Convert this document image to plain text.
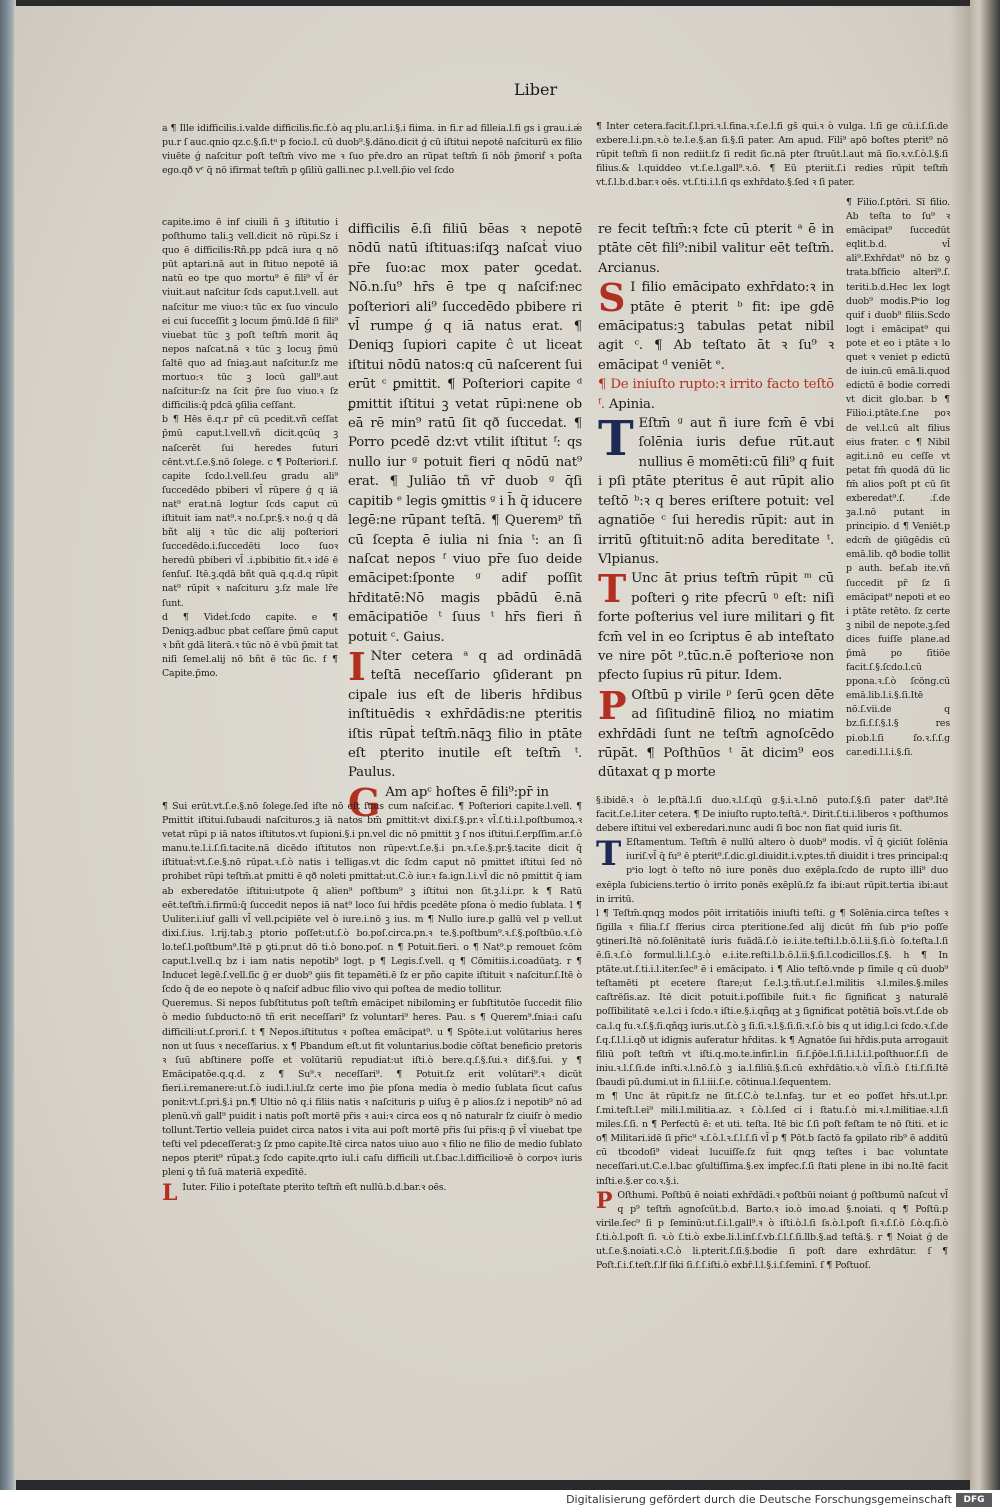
Liber

a ¶ Ille idifficilis.i.valde difficilis.fic.f.ò aq plu.ar.l.i.§.i fiima. in fi.r ad filleia.l.fi gs i grau.i.ǽ pu.r ſ auc.qnio qz.c.§.ſi.tᵘ p focio.l. cū duob⁹.§.dāno.dicit ǵ cū iſtitui nepotē naſciturū ex filio viuēte ǵ naſcitur poſt teſtm̄ vivo me ꝛ ſuo pr̄e.dro an rūpat teſtm̄ ſi nōḃ p̄moriḟ ꝛ poſta ego.qð vʳ q̄ nō ifirmaṫ teſtm̄ p ꝯſiliū galli.nec p.l.vell.p̃io vel ſcdo

capite.imo ē inf ciuili ñ ꝫ iſtitutio i poſthumo tali.ꝫ vell.dicit nō rūpi.Sz i quo ē difficilis:Rñ.pp pdcā iura q nō pūt aptari.nā aut in ſtituo nepotē iā natū eo tpe quo mortu⁹ ē fili⁹ vl̄ ēr viuit.aut naſcitur ſcds caput.l.vell. aut naſcitur me viuo:ꝛ tūc ex ſuo vinculo ei cui ſucceſſit ꝫ locum p̃mū.Idē ſi fili⁹ viuebat tūc ꝫ poſt teſtm̄ morit āq nepos naſcat.nā ꝛ tūc ꝫ locuꝫ p̃mū ſaltē quo ad ſniaꝫ.aut naſcitur.ſz me mortuo:ꝛ tūc ꝫ locū gall⁹.aut naſcitur:ſz na ſcit p̄re ſuo viuo.ꝛ ſz difficilis:q̄ pdcā ꝯſilia ceſſant.

b ¶ Hēs ē.q.r pr̄ cū pcedit.vñ ceſſat p̄mū caput.l.vell.vñ dicit.qcūq ꝫ naſcerēt ſui heredes futuri cēnt.vt.ſ.e.§.nō ſolege. c ¶ Poſteriori.ſ. capite ſcdo.l.vell.ſeu gradu ali⁹ ſuccedēdo pbiberi vl̄ rūpere ǵ q iā nat⁹ erat.nā logtur ſcds caput cū iſtituit iam nat⁹.ꝛ no.ſ.pr.§.ꝛ no.ǵ q dā bñt alij ꝛ tūc dic alij poſteriori ſuccedēdo.i.ſuccedēti loco ſuoꝛ heredū pbiberi vl̄ .i.pbibitio fit.ꝛ idē ē ſenſuſ. Itē.ꝫ.qdā bñt quā q.q.d.q rūpit nat⁹ rūpit ꝛ naſcituru ꝫ.ſz male lr̄e ſunt.

d ¶ Videṫ.ſcdo capite. e ¶ Deniqꝫ.adbuc pbat ceſſare p̄mū caput ꝛ bñt gdā literā.ꝛ tūc nō ē vbū p̄mit tat niſi ſemel.alij nō bñt ē tūc ſic. f ¶ Capite.p̄mo.

difficilis ē.ſi filiū bēas ꝛ nepotē nōdū natū iſtituas:iſqꝫ naſcaṫ viuo pr̄e ſuo:ac mox pater ꝯcedat. Nō.n.ſu⁹ hr̄s ē tpe q naſcif:nec poſteriori ali⁹ ſuccedēdo pbibere ri vl̄ rumpe ǵ q iā natus erat. ¶ Deniqꝫ ſupiori capite ĉ ut liceat iſtitui nōdū natos:q cū naſcerent ſui erūt ᶜ ꝑmittit. ¶ Poſteriori capite ᵈ ꝑmittit iſtitui ꝫ vetat rūpi:nene ob eā rē min⁹ ratū ſit qð ſuccedat. ¶ Porro pcedē dz:vt vtilit iſtitut ᶠ: qs nullo iur ᵍ potuit fieri q nōdū nat⁹ erat. ¶ Juliāo tñ vr̄ duob ᵍ q̄ſi capitib ᵉ legis ꝯmittis ᵍ i h̄ q̄ iducere legē:ne rūpant teſtā. ¶ Queremᵖ tñ cū ſcepta ē iulia ni ſnia ᵗ: an ſi naſcat nepos ᶠ viuo pr̄e ſuo deide emācipet:ſponte ᵍ adif poſſit hr̄ditatē:Nō magis pbādū ē.nā emācipatiōe ᵗ ſuus ᵗ hr̄s fieri ñ potuit ᶜ. Gaius.

I Nter cetera ᵃ q ad ordinādā teſtā neceſſario ꝯſiderant pn cipale ius eſt de liberis hr̄dibus inſtituēdis ꝛ exhr̄dādis:ne pteritis iſtis rūpaṫ teſtm̄.nāqꝫ filio in ptāte eſt pterito inutile eſt teſtm̄ ᵗ. Paulus.

G Am apᶜ hoſtes ē fili⁹:pr̄ in

¶ Inter cetera.facit.ſ.l.pri.ꝛ.l.fina.ꝛ.ſ.e.l.fi gs̄ qui.ꝛ ò vulga. l.ſi ge cū.i.ſ.ſi.de exbere.l.i.pn.ꝛ.ò te.l.e.§.an ſi.§.ſi pater. Am apud. Fili⁹ apō boſtes pterit⁹ nō rūpit teſtm̄ ſi non rediit.ſz ſi redit ſic.nā pter ſtruūt.l.aut mā ſīo.ꝛ.v.ſ.ò.l.§.ſi filius.& l.quiddeo vt.ſ.e.l.gall⁹.ꝛ.ō. ¶ Eū pteriit.ſ.i redies rūpit teſtm̄ vt.ſ.l.b.d.bar.ꝛ oēs. vt.ſ.ti.i.l.ſi qs exhr̄dato.§.ſed ꝛ ſi pater.

re fecit teſtm̄:ꝛ fcte cū pterit ᵃ ē in ptāte cēt fili⁹:nibil valitur eēt teſtm̄. Arcianus.

S I filio emācipato exhr̄dato:ꝛ in ptāte ē pterit ᵇ fit: ipe gdē emācipatus:ꝫ tabulas petat nibil agit ᶜ. ¶ Ab teſtato āt ꝛ ſu⁹ ꝛ emācipat ᵈ veniēt ᵉ.

¶ De iniuſto rupto:ꝛ irrito facto teſtō ᶠ. Apinia.

T Eſtm̄ ᵍ aut ñ iure fcm̄ ē vbi ſolēnia iuris defue rūt.aut nullius ē momēti:cū fili⁹ q fuit i pſi ptāte pteritus ē aut rūpit alio teſtō ᵇ:ꝛ q beres eriſtere potuit: vel agnatiōe ᶜ ſui heredis rūpit: aut in irritū ꝯſtituit:nō adita bereditate ᵗ. Vlpianus.

T Unc āt prius teſtm̄ rūpit ᵐ cū poſteri ꝯ rite pfecrū ᵑ eſt: niſi forte poſterius vel iure militari ꝯ fit fcm̄ vel in eo ſcriptus ē ab inteſtato ve nire pōt ᵖ.tūc.n.ē poſterioꝛe non pfecto ſupius rū pitur. Idem.

P Oſtbū p virile ᵖ ſerū ꝯcen dēte ad ſiſitudinē filioꝝ no miatim exhr̄dādi ſunt ne teſtm̄ agnoſcēdo rūpāt. ¶ Poſthūos ᵗ āt dicim⁹ eos dūtaxat q p morte

¶ Filio.ſ.ptōri. Sī filio. Ab teſta to ſu⁹ ꝛ emācipat⁹ ſuccedūt eqlit.b.d. vl̄ ali⁹.Exhr̄dat⁹ nō bz ꝯ trata.bſficio alteri⁹.ſ. teriti.b.d.Hec lex logt duob⁹ modis.Pˢio log quif i duob⁹ filiis.Scdo logt i emācipat⁹ qui pote et eo i ptāte ꝛ lo quet ꝛ veniet p edictū de iuin.cū emā.li.quod edictū ē bodie corredi vt dicit glo.bar. b ¶ Filio.i.ptāte.ſ.ne poꝛ de vel.l.cū alt filius eius frater. c ¶ Nibil agit.i.nō eu ceſſe vt petat fm̄ quodā dū lic fm̄ alios poſt pt cū ſit exberedat⁹.ſ. .ſ.de ꝫa.l.nō putant in principio. d ¶ Veniēt.p edcm̄ de ꝯiūgēdis cū emā.lib. qð bodie tollit p auth. bef.ab ite.vñ ſuccedit pr̄ ſz ſi emācipat⁹ nepoti et eo i ptāte retēto. ſz certe ꝫ nibil de nepote.ꝫ.ſed dices fuiſſe plane.ad p̄mā po ſitiōe facit.ſ.§.ſcdo.l.cū ppona.ꝛ.ſ.ò ſcōng.cū emā.lib.l.i.§.ſi.Itē nō.ſ.vii.de q bz.ſi.ſ.ſ.§.l.§ res pi.ob.l.ſi ſo.ꝛ.ſ.ſ.g car.edi.l.l.i.§.ſi.

§.ibidē.ꝛ ò le.pſtā.l.ſi duo.ꝛ.l.ſ.qū g.§.i.ꝛ.l.nō puto.ſ.§.ſi pater dat⁹.Itē facit.ſ.e.l.iter cetera. ¶ De iniuſto rupto.teſtā.ᵃ. Dirit.ſ.ti.i.liberos ꝛ poſthumos debere iſtitui vel exberedari.nunc audi ſi boc non fiat quid iuris ſit.

T Eſtamentum. Teſtm̄ ē nullū altero ò duob⁹ modis. vl̄ q̄ ꝯiciūt ſolēnia iuriſ.vl̄ q̄ fu⁹ ē pterit⁹.ſ.dic.gl.diuidit.i.v.ptes.tñ diuidit i tres principal:q pˢio logt ò teſto nō iure ponēs duo exēpla.ſcdo de rupto illi⁹ duo exēpla ſubiciens.tertio ò irrito ponēs exēplū.ſz fa ibi:aut rūpit.tertia ibi:aut in irritū.

l ¶ Teſtm̄.qnqꝫ modos pōit irritatiōis iniuſti teſti. g ¶ Solēnia.circa teſtes ꝛ ſigilla ꝛ filia.ſ.ſ ſferius circa pteritione.ſed alij dicūt fm̄ ſub pˢio poſſe ꝯtineri.Itē nō.ſolēnitatē iuris fuādā.ſ.ò ie.i.ite.teſti.l.b.ō.l.ii.§.ſi.ò ſo.teſta.l.ſi ē.ſi.ꝛ.ſ.ò formul.li.l.ſ.ꝫ.ò e.i.ite.reſti.l.b.ō.l.ii.§.ſi.l.codicillos.ſ.§. h ¶ In ptāte.ut.ſ.ti.i.l.iter.ſec⁹ ē i emācipato. i ¶ Alio teſtō.vnde p ſimile q cū duob⁹ teſtamēti pt ecetere ſtare;ut ſ.e.l.ꝫ.tñ.ut.ſ.e.l.militis ꝛ.l.miles.§.miles caſtrēſis.az. Itē dicit potuit.i.poſſibile fuit.ꝛ fic ſignificat ꝫ naturalē poſſibilitatē ꝛ.e.l.ci i ſcdo.ꝛ iſti.e.§.i.qñqꝫ at ꝫ ſignificat potētiā boīs.vt.ſ.de ob ca.l.q fu.ꝛ.ſ.§.ſi.qñqꝫ iuris.ut.ſ.ò ꝫ ſi.ſi.ꝛ.l.§.ſi.ſi.ꝛ.ſ.ò bis q ut idig.l.ci ſcdo.ꝛ.ſ.de ſ.q.ſ.l.l.i.qð ut idignis auferatur hr̄ditas. k ¶ Agnatōe ſui hr̄dis.puta arrogauit filiū poſt teſtm̄ vt iſti.q.mo.te.infir.l.in ſi.ſ.p̄ōe.l.ſi.l.i.l.i.l.poſthuor.ſ.ſi de iniu.ꝛ.l.ſ.ſi.de inſti.ꝛ.l.nō.ſ.ò ꝫ ia.l.filiū.§.ſi.cū exhr̄dātio.ꝛ.ò vl̄.ſi.ò ſ.ti.ſ.ſi.Itē ſbaudi pū.dumi.ut in ſi.l.iii.ſ.e. cōtinua.l.ſequentem.

m ¶ Unc āt rūpit.ſz ne ſit.ſ.C.ò te.l.nfaꝫ. tur et eo poſſet hr̄s.ut.l.pr. ſ.mi.teſt.l.ei⁹ mili.l.militia.az. ꝛ ſ.ò.l.ſed ci i ſtatu.ſ.ò mi.ꝛ.l.militiae.ꝛ.l.ſi miles.ſ.ſi. n ¶ Perfectū ē: et uti. teſta. Itē bic ſ.ſi poſt feſtam te nō ſtiti. et ic o¶ Militari.idē ſi pr̄ic⁹ ꝛ.ſ.ò.l.ꝛ.ſ.l.ſ.ſi vl̄ p ¶ Pōt.b ſactō fa ꝯpilato rib⁹ ē additū cū tbcodoſi⁹ videaṫ lucuiſſe.ſz fuit qnqꝫ teſtes i bac voluntate neceſſari.ut.C.e.l.bac ꝯſultiſſima.§.ex imꝑfec.ſ.ſi ſtati plene in ibi no.Itē facit inſti.e.§.er co.ꝛ.§.i.

P Oſthumi. Poſtbū ē noiati exhr̄dādi.ꝛ poſtbūi noiant ǵ poſtbumū naſcuṫ vl̄ q p⁹ teſtm̄ agnoſcūt.b.d. Barto.ꝛ io.ò imo.ad §.noiati. q ¶ Poſtū.p virile.ſec⁹ ſi p ſeminū:ut.ſ.i.l.gall⁹.ꝛ ò iſti.ò.l.ſi ſs.ò.l.poſt ſi.ꝛ.ſ.ſ.ò ſ.ò.q.ſi.ò ſ.ti.ò.l.poſt ſi. ꝛ.ò ſ.ti.ò exbe.li.l.inſ.ſ.vb.ſ.l.ſ.ſi.llb.§.ad teſtā.§. r ¶ Noiat ǵ de ut.ſ.e.§.noiati.ꝛ.C.ò li.pterit.ſ.ſi.§.bodie ſi poſt dare exhrdātur. ſ ¶ Poſt.ſ.i.ſ.teſt.ſ.lf ſiki ſi.ſ.ſ.iſti.ò exbr̄.l.l.§.i.ſ.ſeminī. ſ ¶ Poſtuoſ.

¶ Sui erūt.vt.ſ.e.§.nō ſolege.ſed iſte nō eſt ſuus cum naſcif.ac. ¶ Poſteriori capite.l.vell. ¶ Pmittit iſtitui.ſubaudi naſcituros.ꝫ iā natos bm̄ ꝑmittit:vt dixi.ſ.§.pr.ꝛ vl̄.ſ.ti.i.l.poſtbumoꝝ.ꝛ vetat rūpi p iā natos iſtitutos.vt ſupioni.§.i pn.vel dic nō pmittit ꝫ ſ nos iſtitui.ſ.erpſſim.ar.ſ.ò manu.te.l.i.ſ.ſi.tacite.nā dicēdo iſtitutos non rūpe:vt.ſ.e.§.i pn.ꝛ.ſ.e.§.pr.§.tacite dicit q̄ iſtituaṫ:vt.ſ.e.§.nō rūpat.ꝛ.ſ.ò natis i telligas.vt dic ſcdm caput nō pmittet iſtitui ſed nō prohibet rūpi teſtm̄.at pmitti ē qð noleti pmittaṫ:ut.C.ò iur.ꝛ fa.ign.l.i.vl̄ dic nō pmittit q̄ iam ab exberedatōe iſtitui:utpote q̄ alien⁹ poſtbum⁹ ꝫ iſtitui non ſit.ꝫ.l.i.pr. k ¶ Ratū eēt.teſtm̄.i.firmū:q̄ ſuccedit nepos iā nat⁹ loco ſui hr̄dis pcedēte pſona ò medio ſublata. l ¶ Uuliter.i.iuf galli vl̄ vell.pcipiēte vel ò iure.i.nō ꝫ ius. m ¶ Nullo iure.p gallū vel p vell.ut dixi.ſ.ius. l.rij.tab.ꝫ ptorio poſſet:ut.ſ.ò bo.poſ.circa.pn.ꝛ te.§.poſtbum⁹.ꝛ.ſ.§.poſtbūo.ꝛ.ſ.ò lo.teſ.l.poſtbum⁹.Itē p ꝯti.pr.ut dō ti.ò bono.poſ. n ¶ Potuit.fieri. o ¶ Nat⁹.p remouet ſcōm caput.l.vell.q bz i iam natis nepotib⁹ logt. p ¶ Legis.ſ.vell. q ¶ Cōmitiis.i.coadūatꝫ. r ¶ Induceṫ legē.ſ.vell.ſic ḡ er duob⁹ ꝯiis fit tepamēti.ē ſz er pño capite iſtituit ꝛ naſcitur.ſ.Itē ò ſcdo q̄ de eo nepote ò q naſcif adbuc filio vivo qui poſtea de medio tollitur.

Queremus. Si nepos ſubſtitutus poſt teſtm̄ emācipet nibilominꝫ er ſubſtitutōe ſuccedit filio ò medio ſubducto:nō tñ erit neceſſari⁹ ſz voluntari⁹ heres. Pau. s ¶ Querem⁹.ſnia:i caſu difficili:ut.ſ.prori.ſ. t ¶ Nepos.iſtitutus ꝛ poſtea emācipat⁹. u ¶ Spōte.i.ut volūtarius heres non ut ſuus ꝛ neceſſarius. x ¶ Pbandum eſt.ut fit voluntarius.bodie cōſtat beneficio pretoris ꝛ ſuū abſtinere poſſe et volūtariū repudiat:ut iſti.ò bere.q.ſ.§.ſui.ꝛ dif.§.ſui. y ¶ Emācipatōe.q.q.d. z ¶ Su⁹.ꝛ neceſſari⁹. ¶ Potuit.ſz erit volūtari⁹.ꝛ dicūt fieri.i.remanere:ut.ſ.ò iudi.l.iul.ſz certe imo p̄ie pſona media ò medio ſublata ſicut caſus ponit:vt.ſ.pri.§.i pn.¶ Ultio nō q.i filiis natis ꝛ naſcituris p uiſuꝫ ē p alios.ſz i nepotib⁹ nō ad plenū.vñ gall⁹ puidit i natis poſt mortē pr̄is ꝛ aui:ꝛ circa eos q nō naturalr ſz ciuiſr ò medio tollunt.Tertio velleia puidet circa natos i vita aui poſt mortē pr̄is ſui pr̄is:q p̄ vl̄ viuebat tpe teſti vel pdeceſſerat:ꝫ ſz pmo capite.Itē circa natos uiuo auo ꝛ filio ne filio de medio ſublato nepos pterit⁹ rūpat.ꝫ ſcdo capite.qrto iul.i caſu difficili ut.ſ.bac.l.difficilioꝛē ò corpoꝛ iuris pleni ꝯ tñ ſuā materiā expedītē.

L Iuter. Filio i poteſtate pterito teſtm̄ eſt nullū.b.d.bar.ꝛ oēs.

Digitalisierung gefördert durch die Deutsche Forschungsgemeinschaft	DFG
